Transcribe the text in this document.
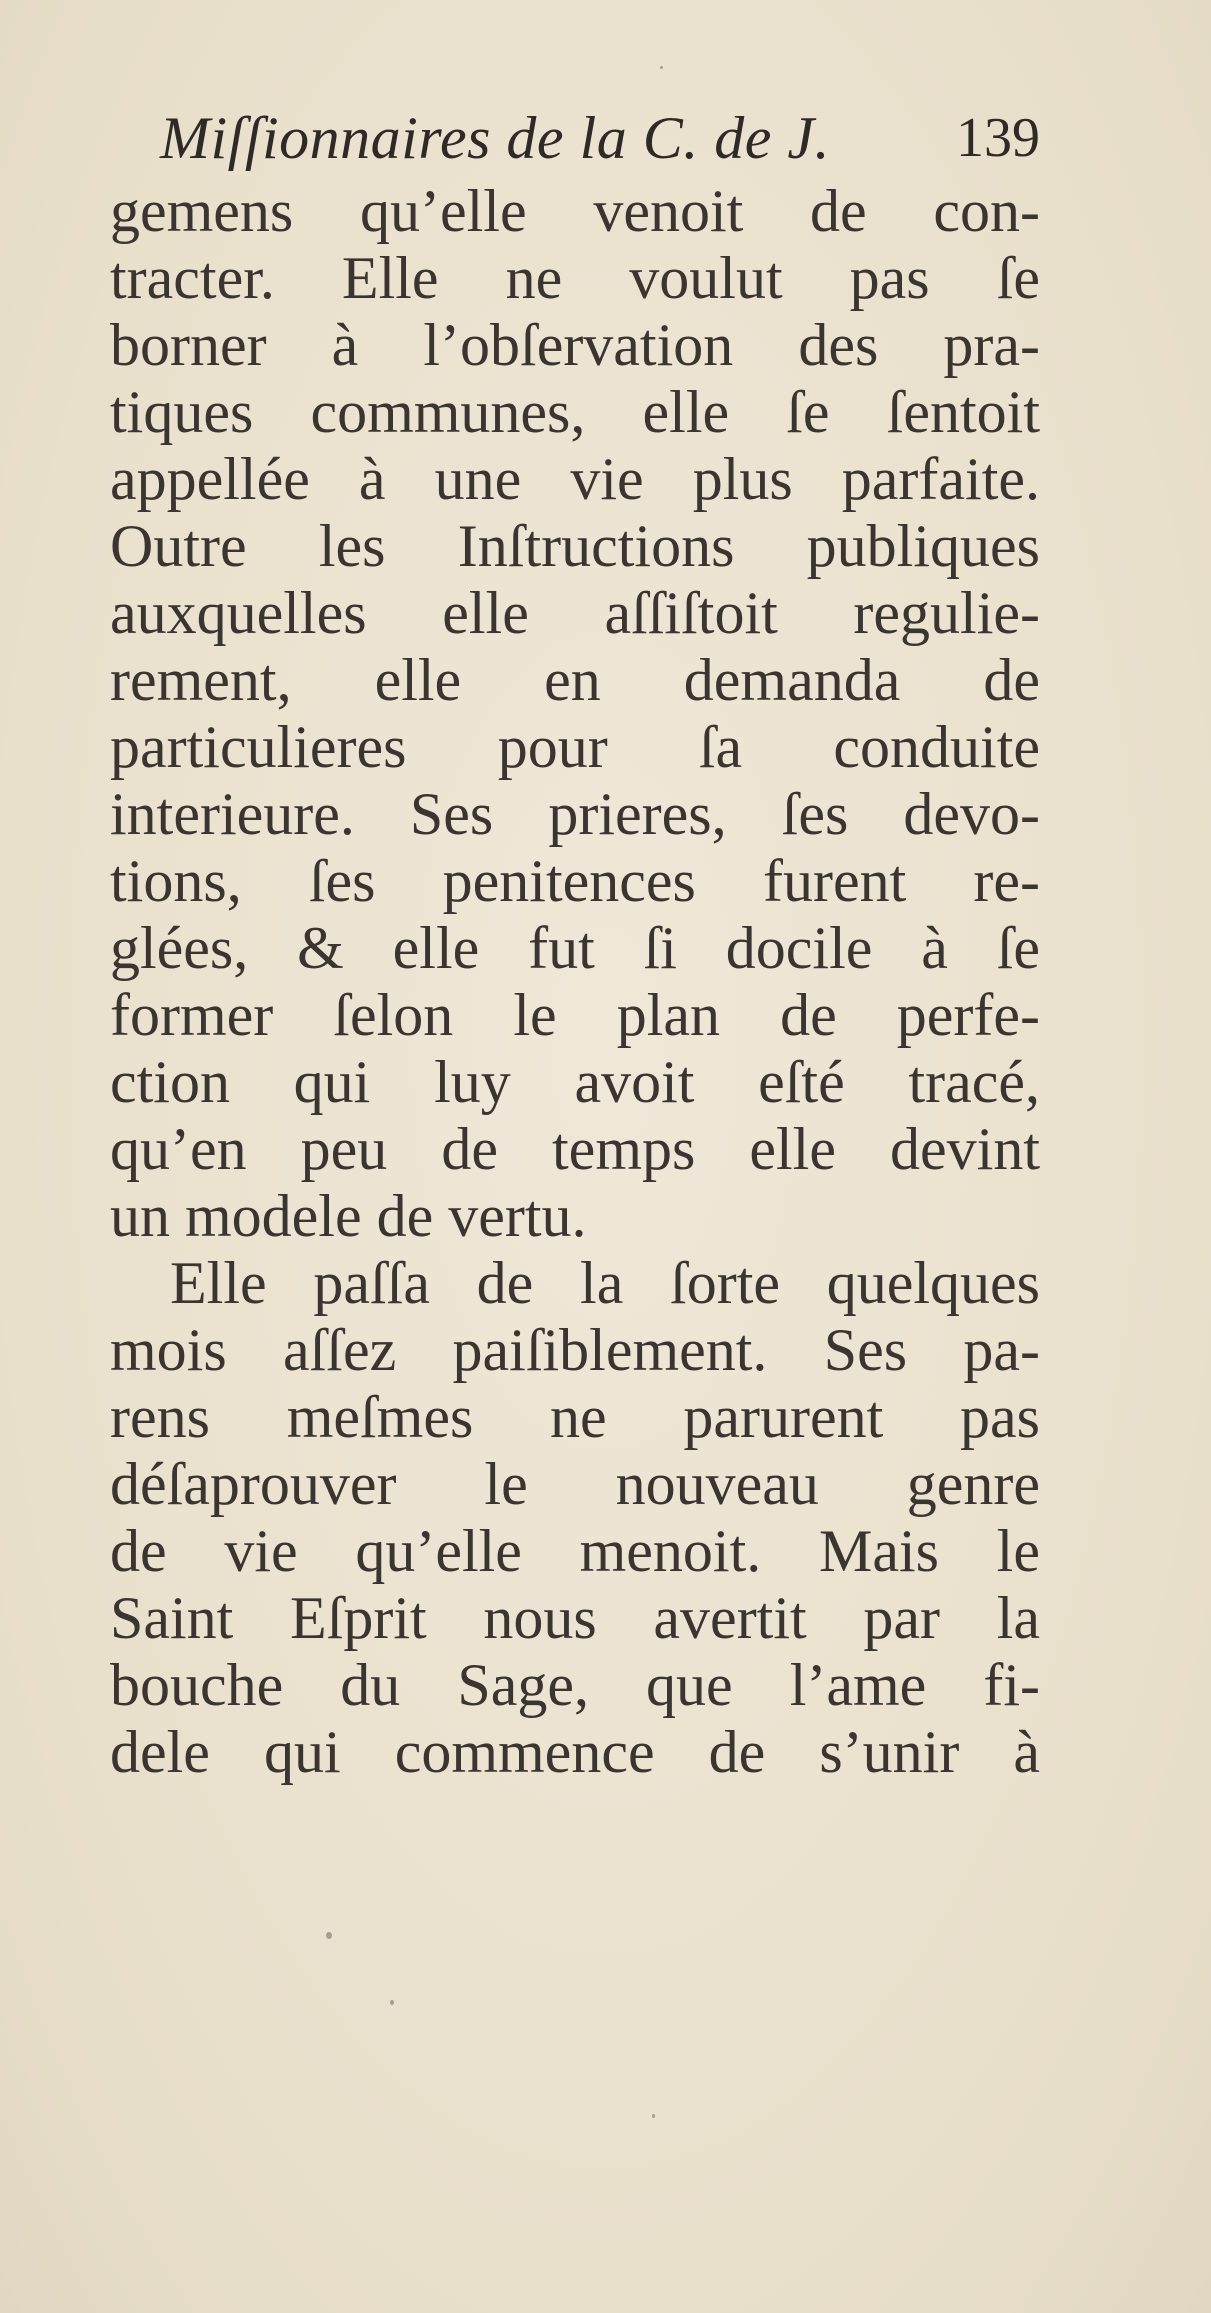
Miſſionnaires de la C. de J. 139
gemens qu’elle venoit de con-
tracter. Elle ne voulut pas ſe
borner à l’obſervation des pra-
tiques communes, elle ſe ſentoit
appellée à une vie plus parfaite.
Outre les Inſtructions publiques
auxquelles elle aſſiſtoit regulie-
rement, elle en demanda de
particulieres pour ſa conduite
interieure. Ses prieres, ſes devo-
tions, ſes penitences furent re-
glées, & elle fut ſi docile à ſe
former ſelon le plan de perfe-
ction qui luy avoit eſté tracé,
qu’en peu de temps elle devint
un modele de vertu.
Elle paſſa de la ſorte quelques
mois aſſez paiſiblement. Ses pa-
rens meſmes ne parurent pas
déſaprouver le nouveau genre
de vie qu’elle menoit. Mais le
Saint Eſprit nous avertit par la
bouche du Sage, que l’ame fi-
dele qui commence de s’unir à
